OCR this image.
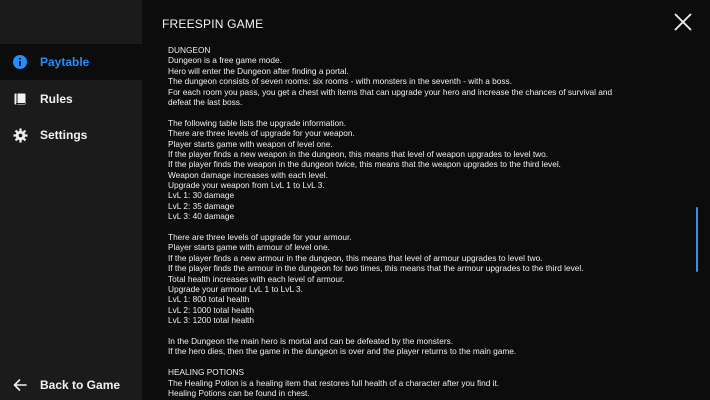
Paytable
Rules
Settings
Back to Game
FREESPIN GAME
DUNGEON
Dungeon is a free game mode.
Hero will enter the Dungeon after finding a portal.
The dungeon consists of seven rooms: six rooms - with monsters in the seventh - with a boss.
For each room you pass, you get a chest with items that can upgrade your hero and increase the chances of survival and
defeat the last boss.
The following table lists the upgrade information.
There are three levels of upgrade for your weapon.
Player starts game with weapon of level one.
If the player finds a new weapon in the dungeon, this means that level of weapon upgrades to level two.
If the player finds the weapon in the dungeon twice, this means that the weapon upgrades to the third level.
Weapon damage increases with each level.
Upgrade your weapon from LvL 1 to LvL 3.
LvL 1: 30 damage
LvL 2: 35 damage
LvL 3: 40 damage
There are three levels of upgrade for your armour.
Player starts game with armour of level one.
If the player finds a new armour in the dungeon, this means that level of armour upgrades to level two.
If the player finds the armour in the dungeon for two times, this means that the armour upgrades to the third level.
Total health increases with each level of armour.
Upgrade your armour LvL 1 to LvL 3.
LvL 1: 800 total health
LvL 2: 1000 total health
LvL 3: 1200 total health
In the Dungeon the main hero is mortal and can be defeated by the monsters.
If the hero dies, then the game in the dungeon is over and the player returns to the main game.
HEALING POTIONS
The Healing Potion is a healing item that restores full health of a character after you find it.
Healing Potions can be found in chest.
